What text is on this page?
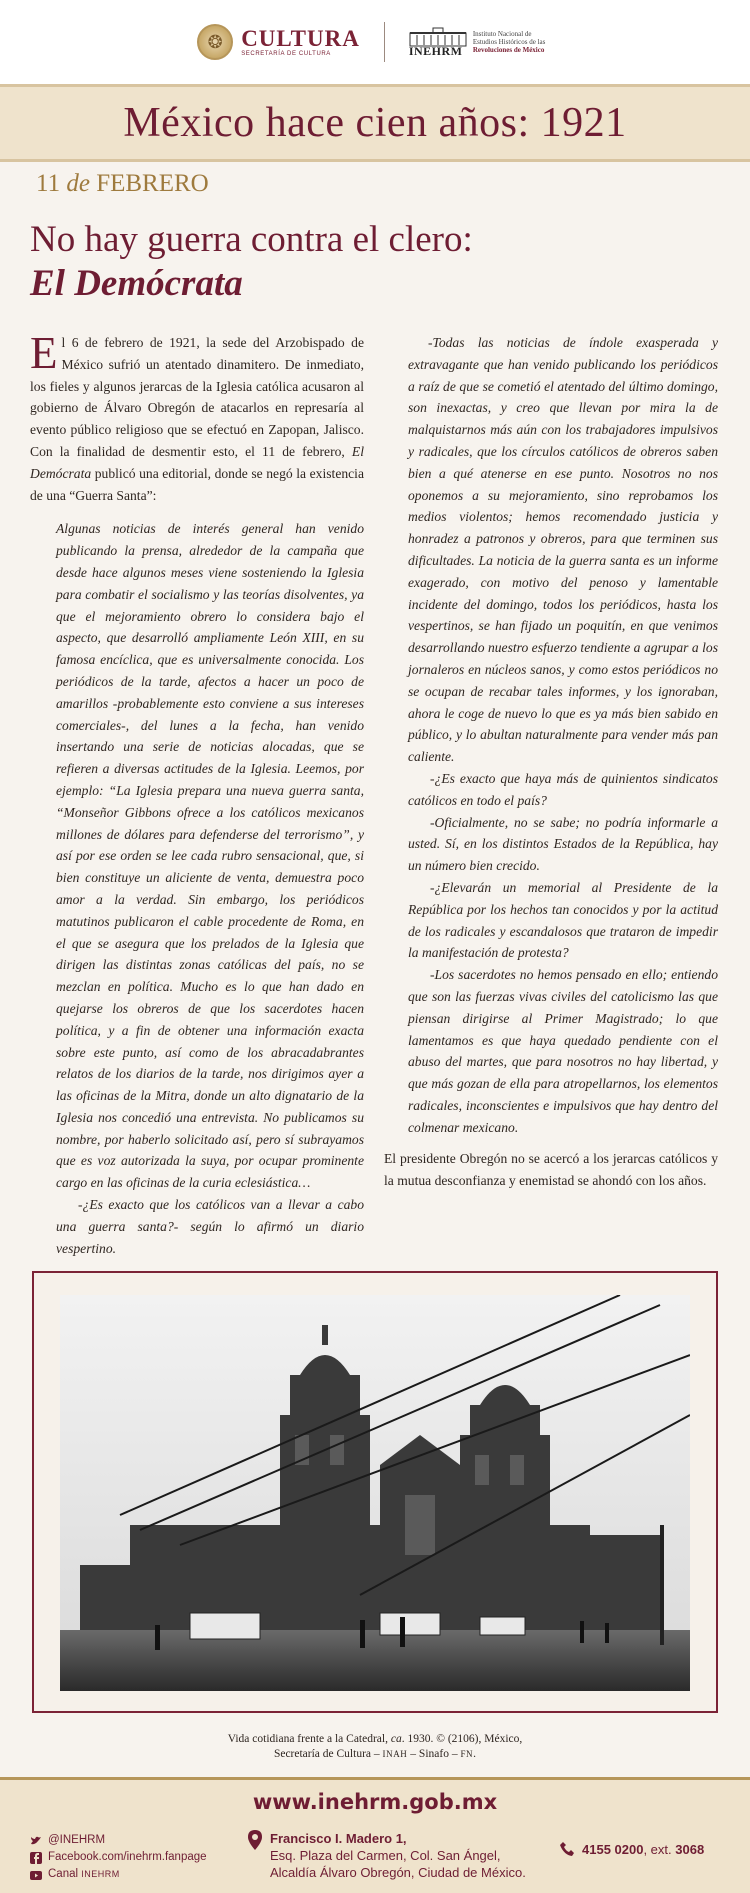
❂ CULTURA
SECRETARÍA DE CULTURA	INEHRM
Instituto Nacional de
Estudios Históricos de las
Revoluciones de México
México hace cien años: 1921
11 de FEBRERO
No hay guerra contra el clero:
El Demócrata

El 6 de febrero de 1921, la sede del Arzobispado de México sufrió un atentado dinamitero. De inmediato, los fieles y algunos jerarcas de la Iglesia católica acusaron al gobierno de Álvaro Obregón de atacarlos en represaría al evento público religioso que se efectuó en Zapopan, Jalisco. Con la finalidad de desmentir esto, el 11 de febrero, El Demócrata publicó una editorial, donde se negó la existencia de una “Guerra Santa”:

Algunas noticias de interés general han venido publicando la prensa, alrededor de la campaña que desde hace algunos meses viene sosteniendo la Iglesia para combatir el socialismo y las teorías disolventes, ya que el mejoramiento obrero lo considera bajo el aspecto, que desarrolló ampliamente León XIII, en su famosa encíclica, que es universalmente conocida. Los periódicos de la tarde, afectos a hacer un poco de amarillos -probablemente esto conviene a sus intereses comerciales-, del lunes a la fecha, han venido insertando una serie de noticias alocadas, que se refieren a diversas actitudes de la Iglesia. Leemos, por ejemplo: “La Iglesia prepara una nueva guerra santa, “Monseñor Gibbons ofrece a los católicos mexicanos millones de dólares para defenderse del terrorismo”, y así por ese orden se lee cada rubro sensacional, que, si bien constituye un aliciente de venta, demuestra poco amor a la verdad. Sin embargo, los periódicos matutinos publicaron el cable procedente de Roma, en el que se asegura que los prelados de la Iglesia que dirigen las distintas zonas católicas del país, no se mezclan en política. Mucho es lo que han dado en quejarse los obreros de que los sacerdotes hacen política, y a fin de obtener una información exacta sobre este punto, así como de los abracadabrantes relatos de los diarios de la tarde, nos dirigimos ayer a las oficinas de la Mitra, donde un alto dignatario de la Iglesia nos concedió una entrevista. No publicamos su nombre, por haberlo solicitado así, pero sí subrayamos que es voz autorizada la suya, por ocupar prominente cargo en las oficinas de la curia eclesiástica…

-¿Es exacto que los católicos van a llevar a cabo una guerra santa?- según lo afirmó un diario vespertino.

-Todas las noticias de índole exasperada y extravagante que han venido publicando los periódicos a raíz de que se cometió el atentado del último domingo, son inexactas, y creo que llevan por mira la de malquistarnos más aún con los trabajadores impulsivos y radicales, que los círculos católicos de obreros saben bien a qué atenerse en ese punto. Nosotros no nos oponemos a su mejoramiento, sino reprobamos los medios violentos; hemos recomendado justicia y honradez a patronos y obreros, para que terminen sus dificultades. La noticia de la guerra santa es un informe exagerado, con motivo del penoso y lamentable incidente del domingo, todos los periódicos, hasta los vespertinos, se han fijado un poquitín, en que venimos desarrollando nuestro esfuerzo tendiente a agrupar a los jornaleros en núcleos sanos, y como estos periódicos no se ocupan de recabar tales informes, y los ignoraban, ahora le coge de nuevo lo que es ya más bien sabido en público, y lo abultan naturalmente para vender más pan caliente.

-¿Es exacto que haya más de quinientos sindicatos católicos en todo el país?

-Oficialmente, no se sabe; no podría informarle a usted. Sí, en los distintos Estados de la República, hay un número bien crecido.

-¿Elevarán un memorial al Presidente de la República por los hechos tan conocidos y por la actitud de los radicales y escandalosos que trataron de impedir la manifestación de protesta?

-Los sacerdotes no hemos pensado en ello; entiendo que son las fuerzas vivas civiles del catolicismo las que piensan dirigirse al Primer Magistrado; lo que lamentamos es que haya quedado pendiente con el abuso del martes, que para nosotros no hay libertad, y que más gozan de ella para atropellarnos, los elementos radicales, inconscientes e impulsivos que hay dentro del colmenar mexicano.

El presidente Obregón no se acercó a los jerarcas católicos y la mutua desconfianza y enemistad se ahondó con los años.

Vida cotidiana frente a la Catedral, ca. 1930. © (2106), México,
Secretaría de Cultura – INAH – Sinafo – FN.
www.inehrm.gob.mx
@INEHRM
Facebook.com/inehrm.fanpage
Canal INEHRM
Francisco I. Madero 1,
Esq. Plaza del Carmen, Col. San Ángel,
Alcaldía Álvaro Obregón, Ciudad de México.
4155 0200, ext. 3068
